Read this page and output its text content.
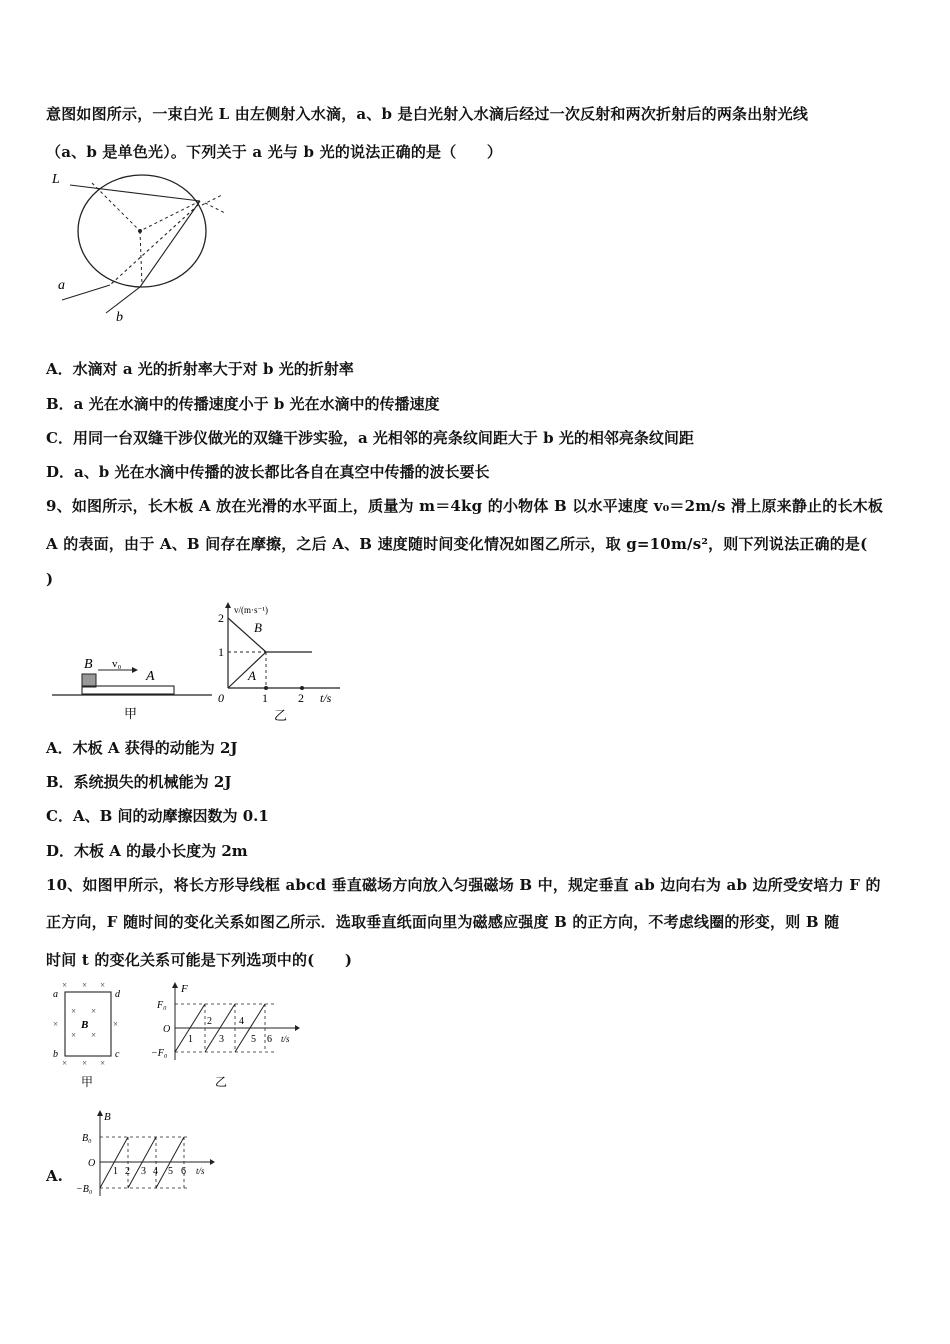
意图如图所示，一束白光 L 由左侧射入水滴，a、b 是白光射入水滴后经过一次反射和两次折射后的两条出射光线
（a、b 是单色光）。下列关于 a 光与 b 光的说法正确的是（　　）
L
a
b
A．水滴对 a 光的折射率大于对 b 光的折射率
B．a 光在水滴中的传播速度小于 b 光在水滴中的传播速度
C．用同一台双缝干涉仪做光的双缝干涉实验，a 光相邻的亮条纹间距大于 b 光的相邻亮条纹间距
D．a、b 光在水滴中传播的波长都比各自在真空中传播的波长要长
9、如图所示，长木板 A 放在光滑的水平面上，质量为 m＝4kg 的小物体 B 以水平速度 v₀＝2m/s 滑上原来静止的长木板
A 的表面，由于 A、B 间存在摩擦，之后 A、B 速度随时间变化情况如图乙所示，取 g=10m/s²，则下列说法正确的是(
)
B v₀
A
甲
2
1
1	2
0
v/(m·s⁻¹)
t/s
B
A
乙
A．木板 A 获得的动能为 2J
B．系统损失的机械能为 2J
C．A、B 间的动摩擦因数为 0.1
D．木板 A 的最小长度为 2m
10、如图甲所示，将长方形导线框 abcd 垂直磁场方向放入匀强磁场 B 中，规定垂直 ab 边向右为 ab 边所受安培力 F 的
正方向，F 随时间的变化关系如图乙所示．选取垂直纸面向里为磁感应强度 B 的正方向，不考虑线圈的形变，则 B 随
时间 t 的变化关系可能是下列选项中的(　　)
a
b	c
d
B
× × ×
× ×
×
× ×
×
× × ×
甲
F
F₀
O
−F₀
1
2
3
4
5 6 t/s
乙
A.
B
B₀
O
−B₀
1 2 3 4 5 6 t/s
